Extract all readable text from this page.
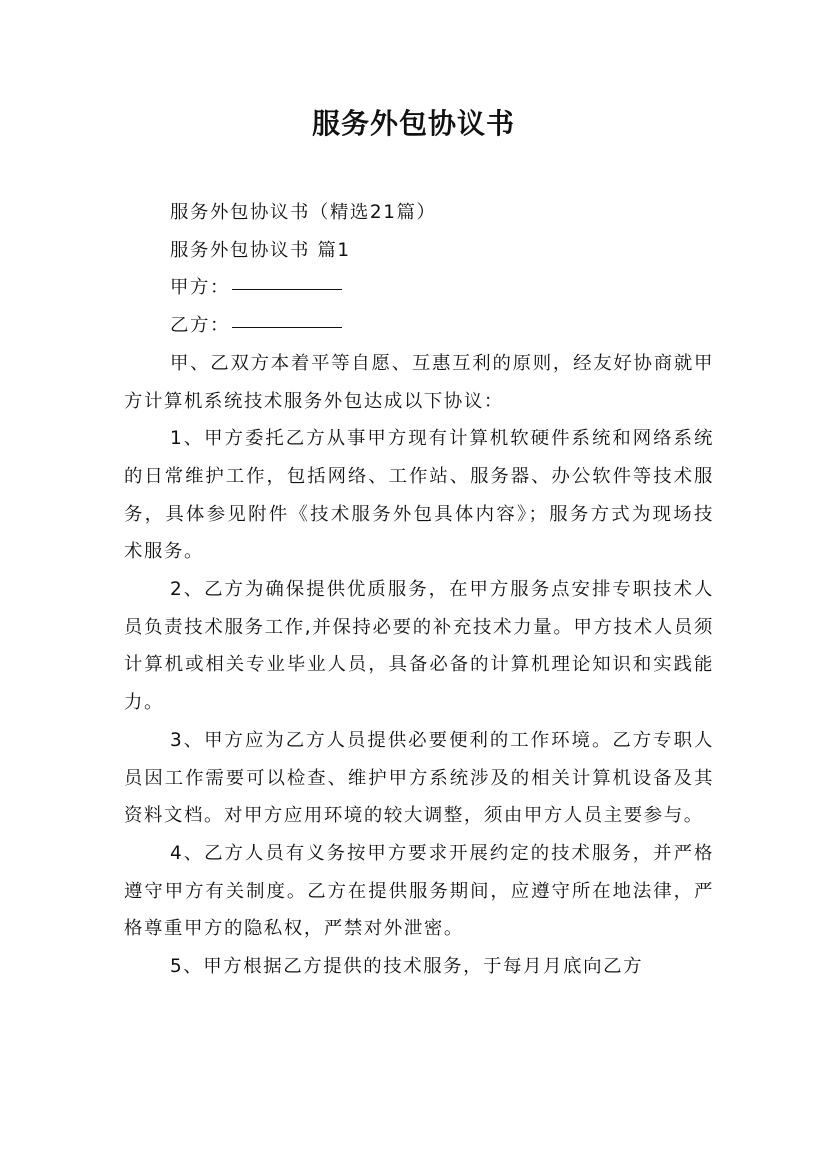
服务外包协议书

服务外包协议书（精选21篇）

服务外包协议书 篇1

甲方：

乙方：

甲、乙双方本着平等自愿、互惠互利的原则，经友好协商就甲方计算机系统技术服务外包达成以下协议：

1、甲方委托乙方从事甲方现有计算机软硬件系统和网络系统的日常维护工作，包括网络、工作站、服务器、办公软件等技术服务，具体参见附件《技术服务外包具体内容》；服务方式为现场技术服务。

2、乙方为确保提供优质服务，在甲方服务点安排专职技术人员负责技术服务工作,并保持必要的补充技术力量。甲方技术人员须计算机或相关专业毕业人员，具备必备的计算机理论知识和实践能力。

3、甲方应为乙方人员提供必要便利的工作环境。乙方专职人员因工作需要可以检查、维护甲方系统涉及的相关计算机设备及其资料文档。对甲方应用环境的较大调整，须由甲方人员主要参与。

4、乙方人员有义务按甲方要求开展约定的技术服务，并严格遵守甲方有关制度。乙方在提供服务期间，应遵守所在地法律，严格尊重甲方的隐私权，严禁对外泄密。

5、甲方根据乙方提供的技术服务，于每月月底向乙方
